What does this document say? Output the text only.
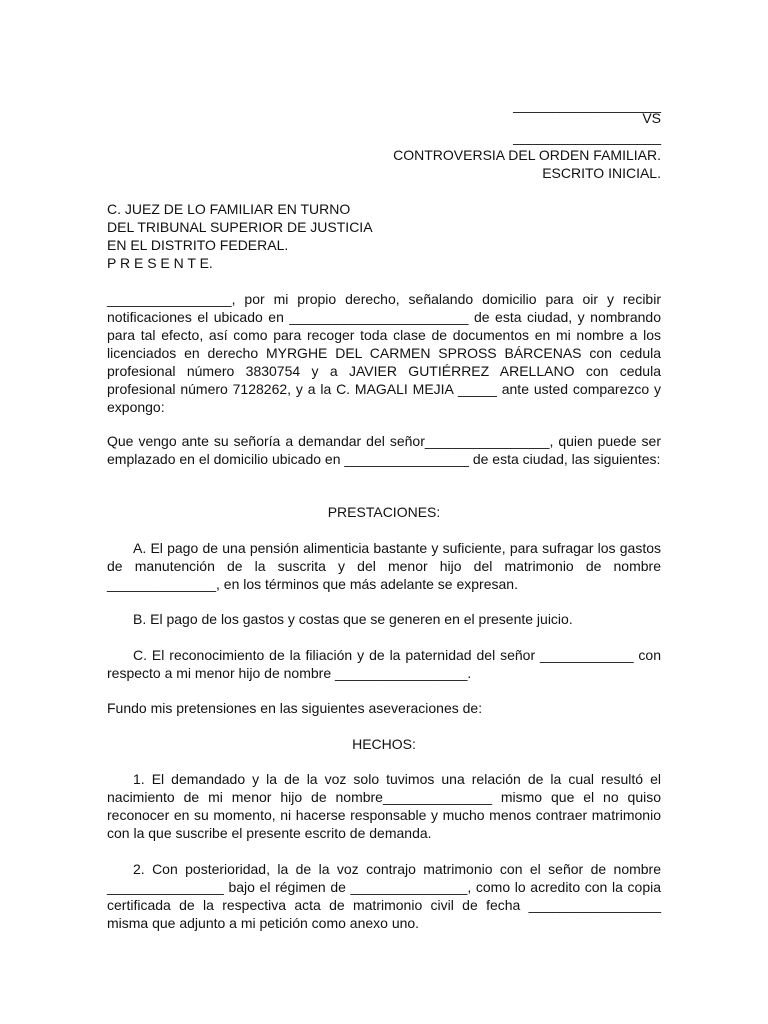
___________________

VS

___________________

CONTROVERSIA DEL ORDEN FAMILIAR.

ESCRITO INICIAL.

C. JUEZ DE LO FAMILIAR EN TURNO

DEL TRIBUNAL SUPERIOR DE JUSTICIA

EN EL DISTRITO FEDERAL.

P R E S E N T E.

________________, por mi propio derecho, señalando domicilio para oir y recibir notificaciones el ubicado en _______________________ de esta ciudad, y nombrando para tal efecto, así como para recoger toda clase de documentos en mi nombre a los licenciados en derecho MYRGHE DEL CARMEN SPROSS BÁRCENAS con cedula profesional número 3830754 y a JAVIER GUTIÉRREZ ARELLANO con cedula profesional número 7128262, y a la C. MAGALI MEJIA _____ ante usted comparezco y expongo:

Que vengo ante su señoría a demandar del señor________________, quien puede ser emplazado en el domicilio ubicado en ________________ de esta ciudad, las siguientes:

PRESTACIONES:

A. El pago de una pensión alimenticia bastante y suficiente, para sufragar los gastos de manutención de la suscrita y del menor hijo del matrimonio de nombre ______________, en los términos que más adelante se expresan.

B. El pago de los gastos y costas que se generen en el presente juicio.

C. El reconocimiento de la filiación y de la paternidad del señor ____________ con respecto a mi menor hijo de nombre _________________.

Fundo mis pretensiones en las siguientes aseveraciones de:

HECHOS:

1. El demandado y la de la voz solo tuvimos una relación de la cual resultó el nacimiento de mi menor hijo de nombre______________ mismo que el no quiso reconocer en su momento, ni hacerse responsable y mucho menos contraer matrimonio con la que suscribe el presente escrito de demanda.

2. Con posterioridad, la de la voz contrajo matrimonio con el señor de nombre _______________ bajo el régimen de _______________, como lo acredito con la copia certificada de la respectiva acta de matrimonio civil de fecha _________________ misma que adjunto a mi petición como anexo uno.
